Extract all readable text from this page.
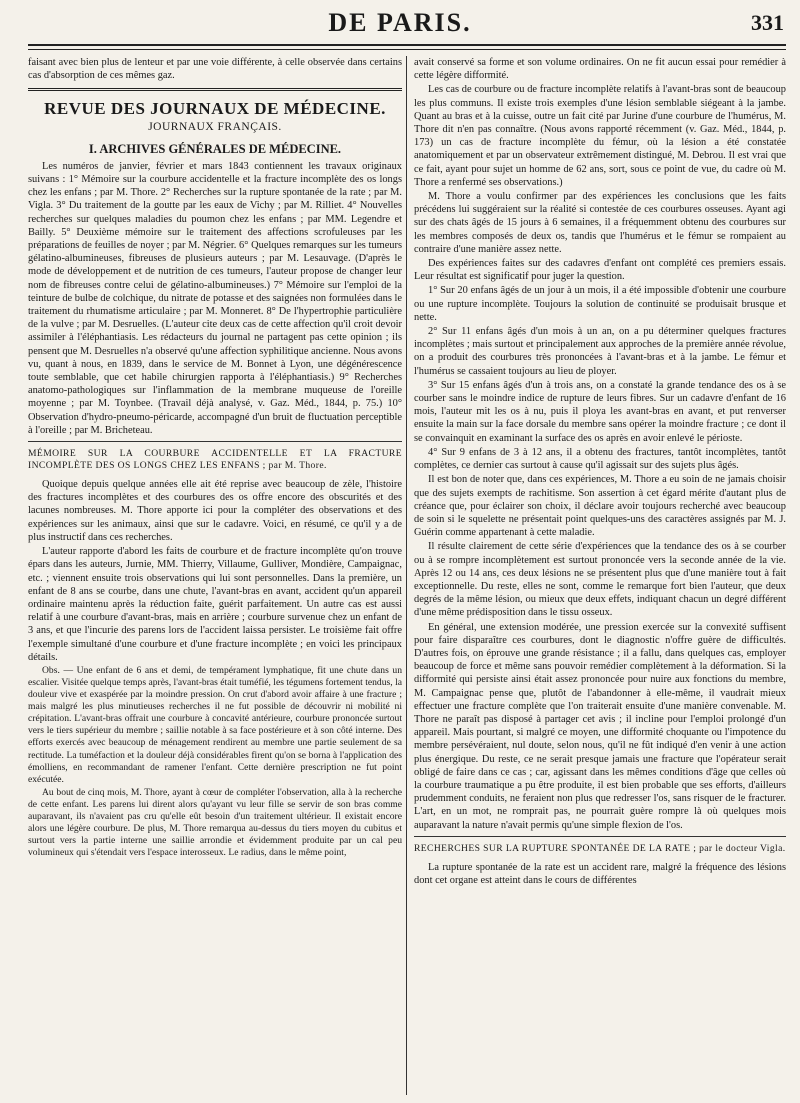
DE PARIS.	331

faisant avec bien plus de lenteur et par une voie différente, à celle observée dans certains cas d'absorption de ces mêmes gaz.

REVUE DES JOURNAUX DE MÉDECINE.
JOURNAUX FRANÇAIS.
I. ARCHIVES GÉNÉRALES DE MÉDECINE.

Les numéros de janvier, février et mars 1843 contiennent les travaux originaux suivans : 1° Mémoire sur la courbure accidentelle et la fracture incomplète des os longs chez les enfans ; par M. Thore. 2° Recherches sur la rupture spontanée de la rate ; par M. Vigla. 3° Du traitement de la goutte par les eaux de Vichy ; par M. Rilliet. 4° Nouvelles recherches sur quelques maladies du poumon chez les enfans ; par MM. Legendre et Bailly. 5° Deuxième mémoire sur le traitement des affections scrofuleuses par les préparations de feuilles de noyer ; par M. Négrier. 6° Quelques remarques sur les tumeurs gélatino-albumineuses, fibreuses de plusieurs auteurs ; par M. Lesauvage. (D'après le mode de développement et de nutrition de ces tumeurs, l'auteur propose de changer leur nom de fibreuses contre celui de gélatino-albumineuses.) 7° Mémoire sur l'emploi de la teinture de bulbe de colchique, du nitrate de potasse et des saignées non formulées dans le traitement du rhumatisme articulaire ; par M. Monneret. 8° De l'hypertrophie particulière de la vulve ; par M. Desruelles. (L'auteur cite deux cas de cette affection qu'il croit devoir assimiler à l'éléphantiasis. Les rédacteurs du journal ne partagent pas cette opinion ; ils pensent que M. Desruelles n'a observé qu'une affection syphilitique ancienne. Nous avons vu, quant à nous, en 1839, dans le service de M. Bonnet à Lyon, une dégénérescence toute semblable, que cet habile chirurgien rapporta à l'éléphantiasis.) 9° Recherches anatomo-pathologiques sur l'inflammation de la membrane muqueuse de l'oreille moyenne ; par M. Toynbee. (Travail déjà analysé, v. Gaz. Méd., 1844, p. 75.) 10° Observation d'hydro-pneumo-péricarde, accompagné d'un bruit de fluctuation perceptible à l'oreille ; par M. Bricheteau.

MÉMOIRE SUR LA COURBURE ACCIDENTELLE ET LA FRACTURE INCOMPLÈTE DES OS LONGS CHEZ LES ENFANS ; par M. Thore.

Quoique depuis quelque années elle ait été reprise avec beaucoup de zèle, l'histoire des fractures incomplètes et des courbures des os offre encore des obscurités et des lacunes nombreuses. M. Thore apporte ici pour la compléter des observations et des expériences sur les animaux, ainsi que sur le cadavre. Voici, en résumé, ce qu'il y a de plus instructif dans ces recherches.

L'auteur rapporte d'abord les faits de courbure et de fracture incomplète qu'on trouve épars dans les auteurs, Jurnie, MM. Thierry, Villaume, Gulliver, Mondière, Campaignac, etc. ; viennent ensuite trois observations qui lui sont personnelles. Dans la première, un enfant de 8 ans se courbe, dans une chute, l'avant-bras en avant, accident qu'un appareil ordinaire maintenu après la réduction faite, guérit parfaitement. Un autre cas est aussi relatif à une courbure d'avant-bras, mais en arrière ; courbure survenue chez un enfant de 3 ans, et que l'incurie des parens lors de l'accident laissa persister. Le troisième fait offre l'exemple simultané d'une courbure et d'une fracture incomplète ; en voici les principaux détails.

Obs. — Une enfant de 6 ans et demi, de tempérament lymphatique, fit une chute dans un escalier. Visitée quelque temps après, l'avant-bras était tuméfié, les tégumens fortement tendus, la douleur vive et exaspérée par la moindre pression. On crut d'abord avoir affaire à une fracture ; mais malgré les plus minutieuses recherches il ne fut possible de découvrir ni mobilité ni crépitation. L'avant-bras offrait une courbure à concavité antérieure, courbure prononcée surtout vers le tiers supérieur du membre ; saillie notable à sa face postérieure et à son côté interne. Des efforts exercés avec beaucoup de ménagement rendirent au membre une partie seulement de sa rectitude. La tuméfaction et la douleur déjà considérables firent qu'on se borna à l'application des émolliens, en recommandant de ramener l'enfant. Cette dernière prescription ne fut point exécutée.

Au bout de cinq mois, M. Thore, ayant à cœur de compléter l'observation, alla à la recherche de cette enfant. Les parens lui dirent alors qu'ayant vu leur fille se servir de son bras comme auparavant, ils n'avaient pas cru qu'elle eût besoin d'un traitement ultérieur. Il existait encore alors une légère courbure. De plus, M. Thore remarqua au-dessus du tiers moyen du cubitus et surtout vers la partie interne une saillie arrondie et évidemment produite par un cal peu volumineux qui s'étendait vers l'espace interosseux. Le radius, dans le même point,

avait conservé sa forme et son volume ordinaires. On ne fit aucun essai pour remédier à cette légère difformité.

Les cas de courbure ou de fracture incomplète relatifs à l'avant-bras sont de beaucoup les plus communs. Il existe trois exemples d'une lésion semblable siégeant à la jambe. Quant au bras et à la cuisse, outre un fait cité par Jurine d'une courbure de l'humérus, M. Thore dit n'en pas connaître. (Nous avons rapporté récemment (v. Gaz. Méd., 1844, p. 173) un cas de fracture incomplète du fémur, où la lésion a été constatée anatomiquement et par un observateur extrêmement distingué, M. Debrou. Il est vrai que ce fait, ayant pour sujet un homme de 62 ans, sort, sous ce point de vue, du cadre où M. Thore a renfermé ses observations.)

M. Thore a voulu confirmer par des expériences les conclusions que les faits précédens lui suggéraient sur la réalité si contestée de ces courbures osseuses. Ayant agi sur des chats âgés de 15 jours à 6 semaines, il a fréquemment obtenu des courbures sur les membres composés de deux os, tandis que l'humérus et le fémur se rompaient au contraire d'une manière assez nette.

Des expériences faites sur des cadavres d'enfant ont complété ces premiers essais. Leur résultat est significatif pour juger la question.

1° Sur 20 enfans âgés de un jour à un mois, il a été impossible d'obtenir une courbure ou une rupture incomplète. Toujours la solution de continuité se produisait brusque et nette.

2° Sur 11 enfans âgés d'un mois à un an, on a pu déterminer quelques fractures incomplètes ; mais surtout et principalement aux approches de la première année révolue, on a produit des courbures très prononcées à l'avant-bras et à la jambe. Le fémur et l'humérus se cassaient toujours au lieu de ployer.

3° Sur 15 enfans âgés d'un à trois ans, on a constaté la grande tendance des os à se courber sans le moindre indice de rupture de leurs fibres. Sur un cadavre d'enfant de 16 mois, l'auteur mit les os à nu, puis il ploya les avant-bras en avant, et put renverser ensuite la main sur la face dorsale du membre sans opérer la moindre fracture ; ce dont il se convainquit en examinant la surface des os après en avoir enlevé le périoste.

4° Sur 9 enfans de 3 à 12 ans, il a obtenu des fractures, tantôt incomplètes, tantôt complètes, ce dernier cas surtout à cause qu'il agissait sur des sujets plus âgés.

Il est bon de noter que, dans ces expériences, M. Thore a eu soin de ne jamais choisir que des sujets exempts de rachitisme. Son assertion à cet égard mérite d'autant plus de créance que, pour éclairer son choix, il déclare avoir toujours recherché avec beaucoup de soin si le squelette ne présentait point quelques-uns des caractères assignés par M. J. Guérin comme appartenant à cette maladie.

Il résulte clairement de cette série d'expériences que la tendance des os à se courber ou à se rompre incomplètement est surtout prononcée vers la seconde année de la vie. Après 12 ou 14 ans, ces deux lésions ne se présentent plus que d'une manière tout à fait exceptionnelle. Du reste, elles ne sont, comme le remarque fort bien l'auteur, que deux degrés de la même lésion, ou mieux que deux effets, indiquant chacun un degré différent d'une même prédisposition dans le tissu osseux.

En général, une extension modérée, une pression exercée sur la convexité suffisent pour faire disparaître ces courbures, dont le diagnostic n'offre guère de difficultés. D'autres fois, on éprouve une grande résistance ; il a fallu, dans quelques cas, employer beaucoup de force et même sans pouvoir remédier complètement à la déformation. Si la difformité qui persiste ainsi était assez prononcée pour nuire aux fonctions du membre, M. Campaignac pense que, plutôt de l'abandonner à elle-même, il vaudrait mieux effectuer une fracture complète que l'on traiterait ensuite d'une manière convenable. M. Thore ne paraît pas disposé à partager cet avis ; il incline pour l'emploi prolongé d'un appareil. Mais pourtant, si malgré ce moyen, une difformité choquante ou l'impotence du membre persévéraient, nul doute, selon nous, qu'il ne fût indiqué d'en venir à une action plus énergique. Du reste, ce ne serait presque jamais une fracture que l'opérateur serait obligé de faire dans ce cas ; car, agissant dans les mêmes conditions d'âge que celles où la courbure traumatique a pu être produite, il est bien probable que ses efforts, d'ailleurs prudemment conduits, ne feraient non plus que redresser l'os, sans risquer de le fracturer. L'art, en un mot, ne romprait pas, ne pourrait guère rompre là où quelques mois auparavant la nature n'avait permis qu'une simple flexion de l'os.

RECHERCHES SUR LA RUPTURE SPONTANÉE DE LA RATE ; par le docteur Vigla.

La rupture spontanée de la rate est un accident rare, malgré la fréquence des lésions dont cet organe est atteint dans le cours de différentes
